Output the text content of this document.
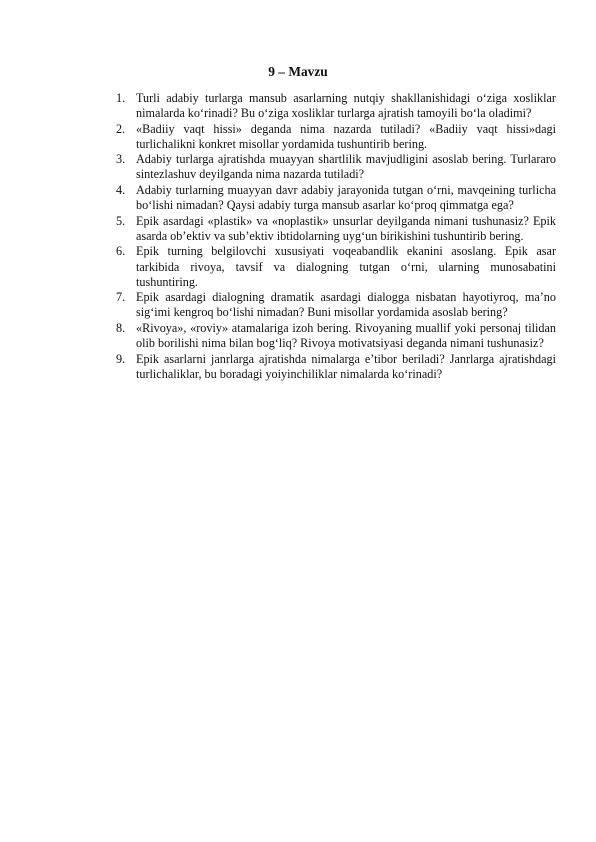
9 – Mavzu
1. Turli adabiy turlarga mansub asarlarning nutqiy shakllanishidagi o‘ziga xosliklar nimalarda ko‘rinadi? Bu o‘ziga xosliklar turlarga ajratish tamoyili bo‘la oladimi?
2. «Badiiy vaqt hissi» deganda nima nazarda tutiladi? «Badiiy vaqt hissi»dagi turlichalikni konkret misollar yordamida tushuntirib bering.
3. Adabiy turlarga ajratishda muayyan shartlilik mavjudligini asoslab bering. Turlararo sintezlashuv deyilganda nima nazarda tutiladi?
4. Adabiy turlarning muayyan davr adabiy jarayonida tutgan o‘rni, mavqeining turlicha bo‘lishi nimadan? Qaysi adabiy turga mansub asarlar ko‘proq qimmatga ega?
5. Epik asardagi «plastik» va «noplastik» unsurlar deyilganda nimani tushunasiz? Epik asarda ob’ektiv va sub’ektiv ibtidolarning uyg‘un birikishini tushuntirib bering.
6. Epik turning belgilovchi xususiyati voqeabandlik ekanini asoslang. Epik asar tarkibida rivoya, tavsif va dialogning tutgan o‘rni, ularning munosabatini tushuntiring.
7. Epik asardagi dialogning dramatik asardagi dialogga nisbatan hayotiyroq, ma’no sig‘imi kengroq bo‘lishi nimadan? Buni misollar yordamida asoslab bering?
8. «Rivoya», «roviy» atamalariga izoh bering. Rivoyaning muallif yoki personaj tilidan olib borilishi nima bilan bog‘liq? Rivoya motivatsiyasi deganda nimani tushunasiz?
9. Epik asarlarni janrlarga ajratishda nimalarga e’tibor beriladi? Janrlarga ajratishdagi turlichaliklar, bu boradagi yoiyinchiliklar nimalarda ko‘rinadi?
